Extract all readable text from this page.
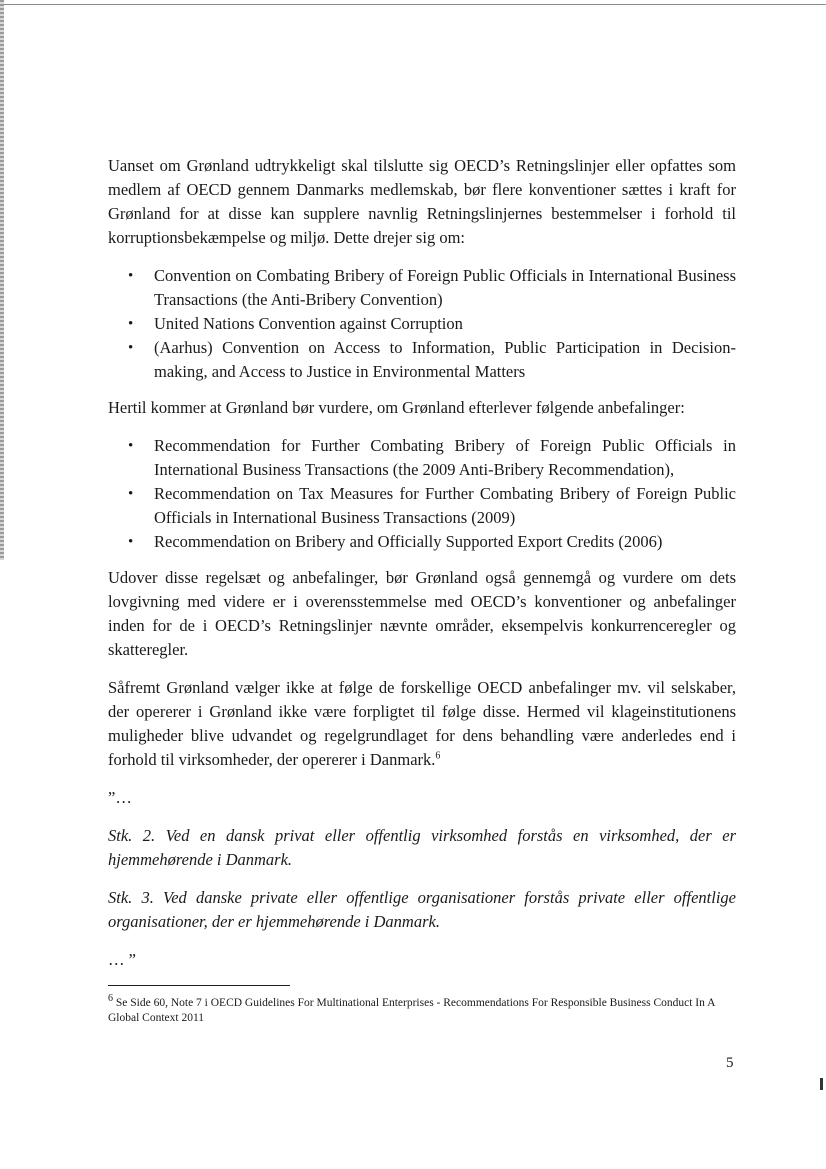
Uanset om Grønland udtrykkeligt skal tilslutte sig OECD’s Retningslinjer eller opfattes som medlem af OECD gennem Danmarks medlemskab, bør flere konventioner sættes i kraft for Grønland for at disse kan supplere navnlig Retningslinjernes bestemmelser i forhold til korruptionsbekæmpelse og miljø. Dette drejer sig om:

• Convention on Combating Bribery of Foreign Public Officials in International Business Transactions (the Anti-Bribery Convention)
• United Nations Convention against Corruption
• (Aarhus) Convention on Access to Information, Public Participation in Decision-making, and Access to Justice in Environmental Matters

Hertil kommer at Grønland bør vurdere, om Grønland efterlever følgende anbefalinger:

• Recommendation for Further Combating Bribery of Foreign Public Officials in International Business Transactions (the 2009 Anti-Bribery Recommendation),
• Recommendation on Tax Measures for Further Combating Bribery of Foreign Public Officials in International Business Transactions (2009)
• Recommendation on Bribery and Officially Supported Export Credits (2006)

Udover disse regelsæt og anbefalinger, bør Grønland også gennemgå og vurdere om dets lovgivning med videre er i overensstemmelse med OECD’s konventioner og anbefalinger inden for de i OECD’s Retningslinjer nævnte områder, eksempelvis konkurrenceregler og skatteregler.

Såfremt Grønland vælger ikke at følge de forskellige OECD anbefalinger mv. vil selskaber, der opererer i Grønland ikke være forpligtet til følge disse. Hermed vil klageinstitutionens muligheder blive udvandet og regelgrundlaget for dens behandling være anderledes end i forhold til virksomheder, der opererer i Danmark.$^6$

”…

Stk. 2. Ved en dansk privat eller offentlig virksomhed forstås en virksomhed, der er hjemmehørende i Danmark.

Stk. 3. Ved danske private eller offentlige organisationer forstås private eller offentlige organisationer, der er hjemmehørende i Danmark.

… ”

$^6$ Se Side 60, Note 7 i OECD Guidelines For Multinational Enterprises - Recommendations For Responsible Business Conduct In A Global Context 2011
5
